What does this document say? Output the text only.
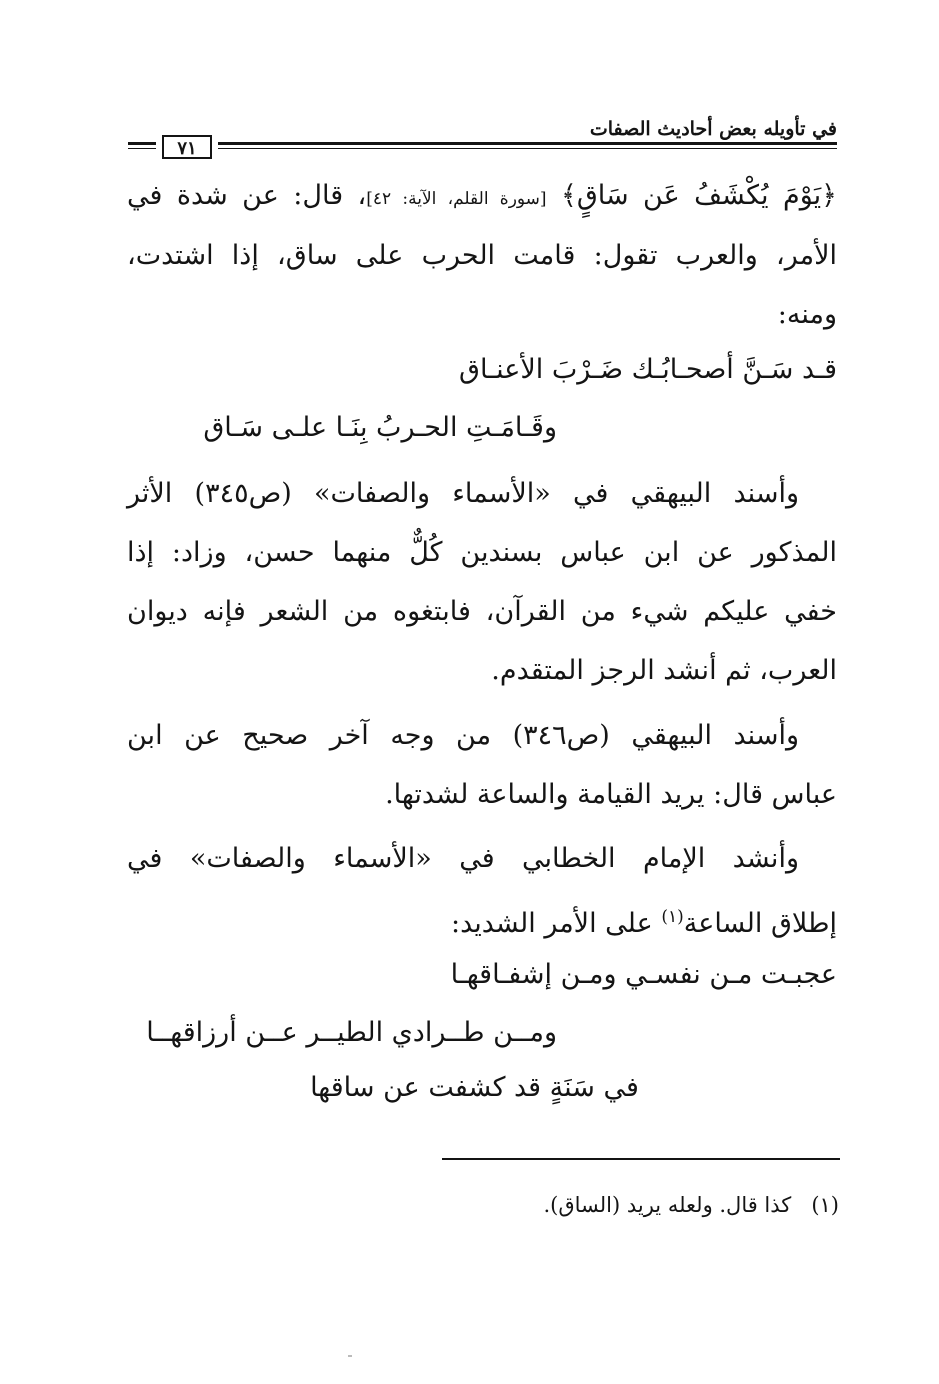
في تأويله بعض أحاديث الصفات
٧١
﴿يَوْمَ يُكْشَفُ عَن سَاقٍ﴾ [سورة القلم، الآية: ٤٢]، قال: عن شدة في
الأمر، والعرب تقول: قامت الحرب على ساق، إذا اشتدت،
ومنه:
قـد سَـنَّ أصحـابُـك ضَـرْبَ الأعنـاق
وقَـامَـتِ الحـربُ بِنَـا علـى سَـاق
وأسند البيهقي في «الأسماء والصفات» (ص٣٤٥) الأثر
المذكور عن ابن عباس بسندين كُلٌّ منهما حسن، وزاد: إذا
خفي عليكم شيء من القرآن، فابتغوه من الشعر فإنه ديوان
العرب، ثم أنشد الرجز المتقدم.
وأسند البيهقي (ص٣٤٦) من وجه آخر صحيح عن ابن
عباس قال: يريد القيامة والساعة لشدتها.
وأنشد الإمام الخطابي في «الأسماء والصفات» في
إطلاق الساعة$^{(١)}$ على الأمر الشديد:
عجبـت مـن نفسـي ومـن إشفـاقهـا
ومــن طــرادي الطيــر عــن أرزاقهــا
في سَنَةٍ قد كشفت عن ساقها
(١)   كذا قال. ولعله يريد (الساق).
